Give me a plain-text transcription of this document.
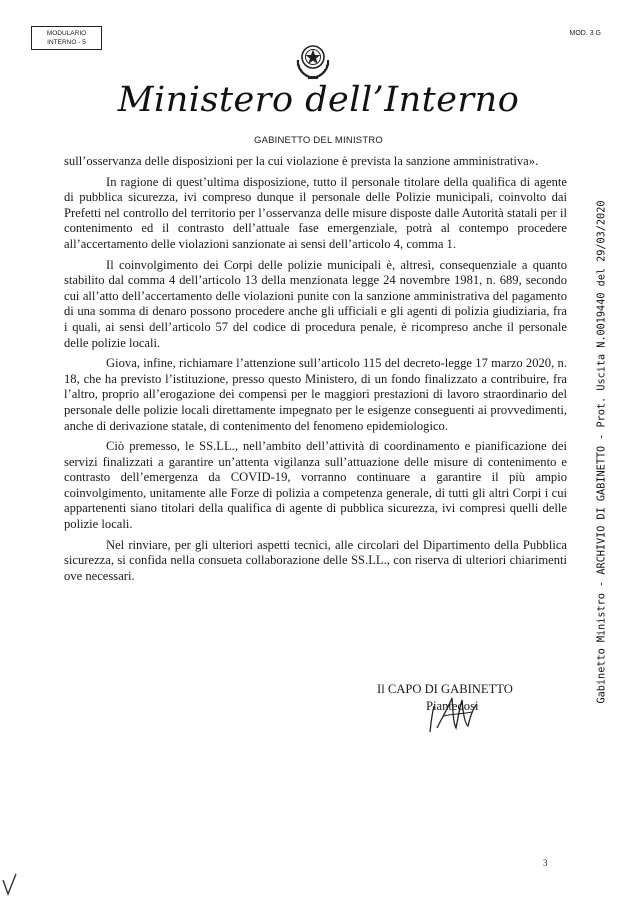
MODULARIO
INTERNO - 5
MOD. 3 G
Ministero dell’Interno
GABINETTO DEL MINISTRO

sull’osservanza delle disposizioni per la cui violazione è prevista la sanzione amministrativa».

In ragione di quest’ultima disposizione, tutto il personale titolare della qualifica di agente di pubblica sicurezza, ivi compreso dunque il personale delle Polizie municipali, coinvolto dai Prefetti nel controllo del territorio per l’osservanza delle misure disposte dalle Autorità statali per il contenimento ed il contrasto dell’attuale fase emergenziale, potrà al contempo procedere all’accertamento delle violazioni sanzionate ai sensi dell’articolo 4, comma 1.

Il coinvolgimento dei Corpi delle polizie municipali è, altresì, consequenziale a quanto stabilito dal comma 4 dell’articolo 13 della menzionata legge 24 novembre 1981, n. 689, secondo cui all’atto dell’accertamento delle violazioni punite con la sanzione amministrativa del pagamento di una somma di denaro possono procedere anche gli ufficiali e gli agenti di polizia giudiziaria, fra i quali, ai sensi dell’articolo 57 del codice di procedura penale, è ricompreso anche il personale delle polizie locali.

Giova, infine, richiamare l’attenzione sull’articolo 115 del decreto-legge 17 marzo 2020, n. 18, che ha previsto l’istituzione, presso questo Ministero, di un fondo finalizzato a contribuire, fra l’altro, proprio all’erogazione dei compensi per le maggiori prestazioni di lavoro straordinario del personale delle polizie locali direttamente impegnato per le esigenze conseguenti ai provvedimenti, anche di derivazione statale, di contenimento del fenomeno epidemiologico.

Ciò premesso, le SS.LL., nell’ambito dell’attività di coordinamento e pianificazione dei servizi finalizzati a garantire un’attenta vigilanza sull’attuazione delle misure di contenimento e contrasto dell’emergenza da COVID-19, vorranno continuare a garantire il più ampio coinvolgimento, unitamente alle Forze di polizia a competenza generale, di tutti gli altri Corpi i cui appartenenti siano titolari della qualifica di agente di pubblica sicurezza, ivi compresi quelli delle polizie locali.

Nel rinviare, per gli ulteriori aspetti tecnici, alle circolari del Dipartimento della Pubblica sicurezza, si confida nella consueta collaborazione delle SS.LL., con riserva di ulteriori chiarimenti ove necessari.

Il CAPO DI GABINETTO
Piantedosi
3
Gabinetto Ministro - ARCHIVIO DI GABINETTO - Prot. Uscita N.0019440 del 29/03/2020
